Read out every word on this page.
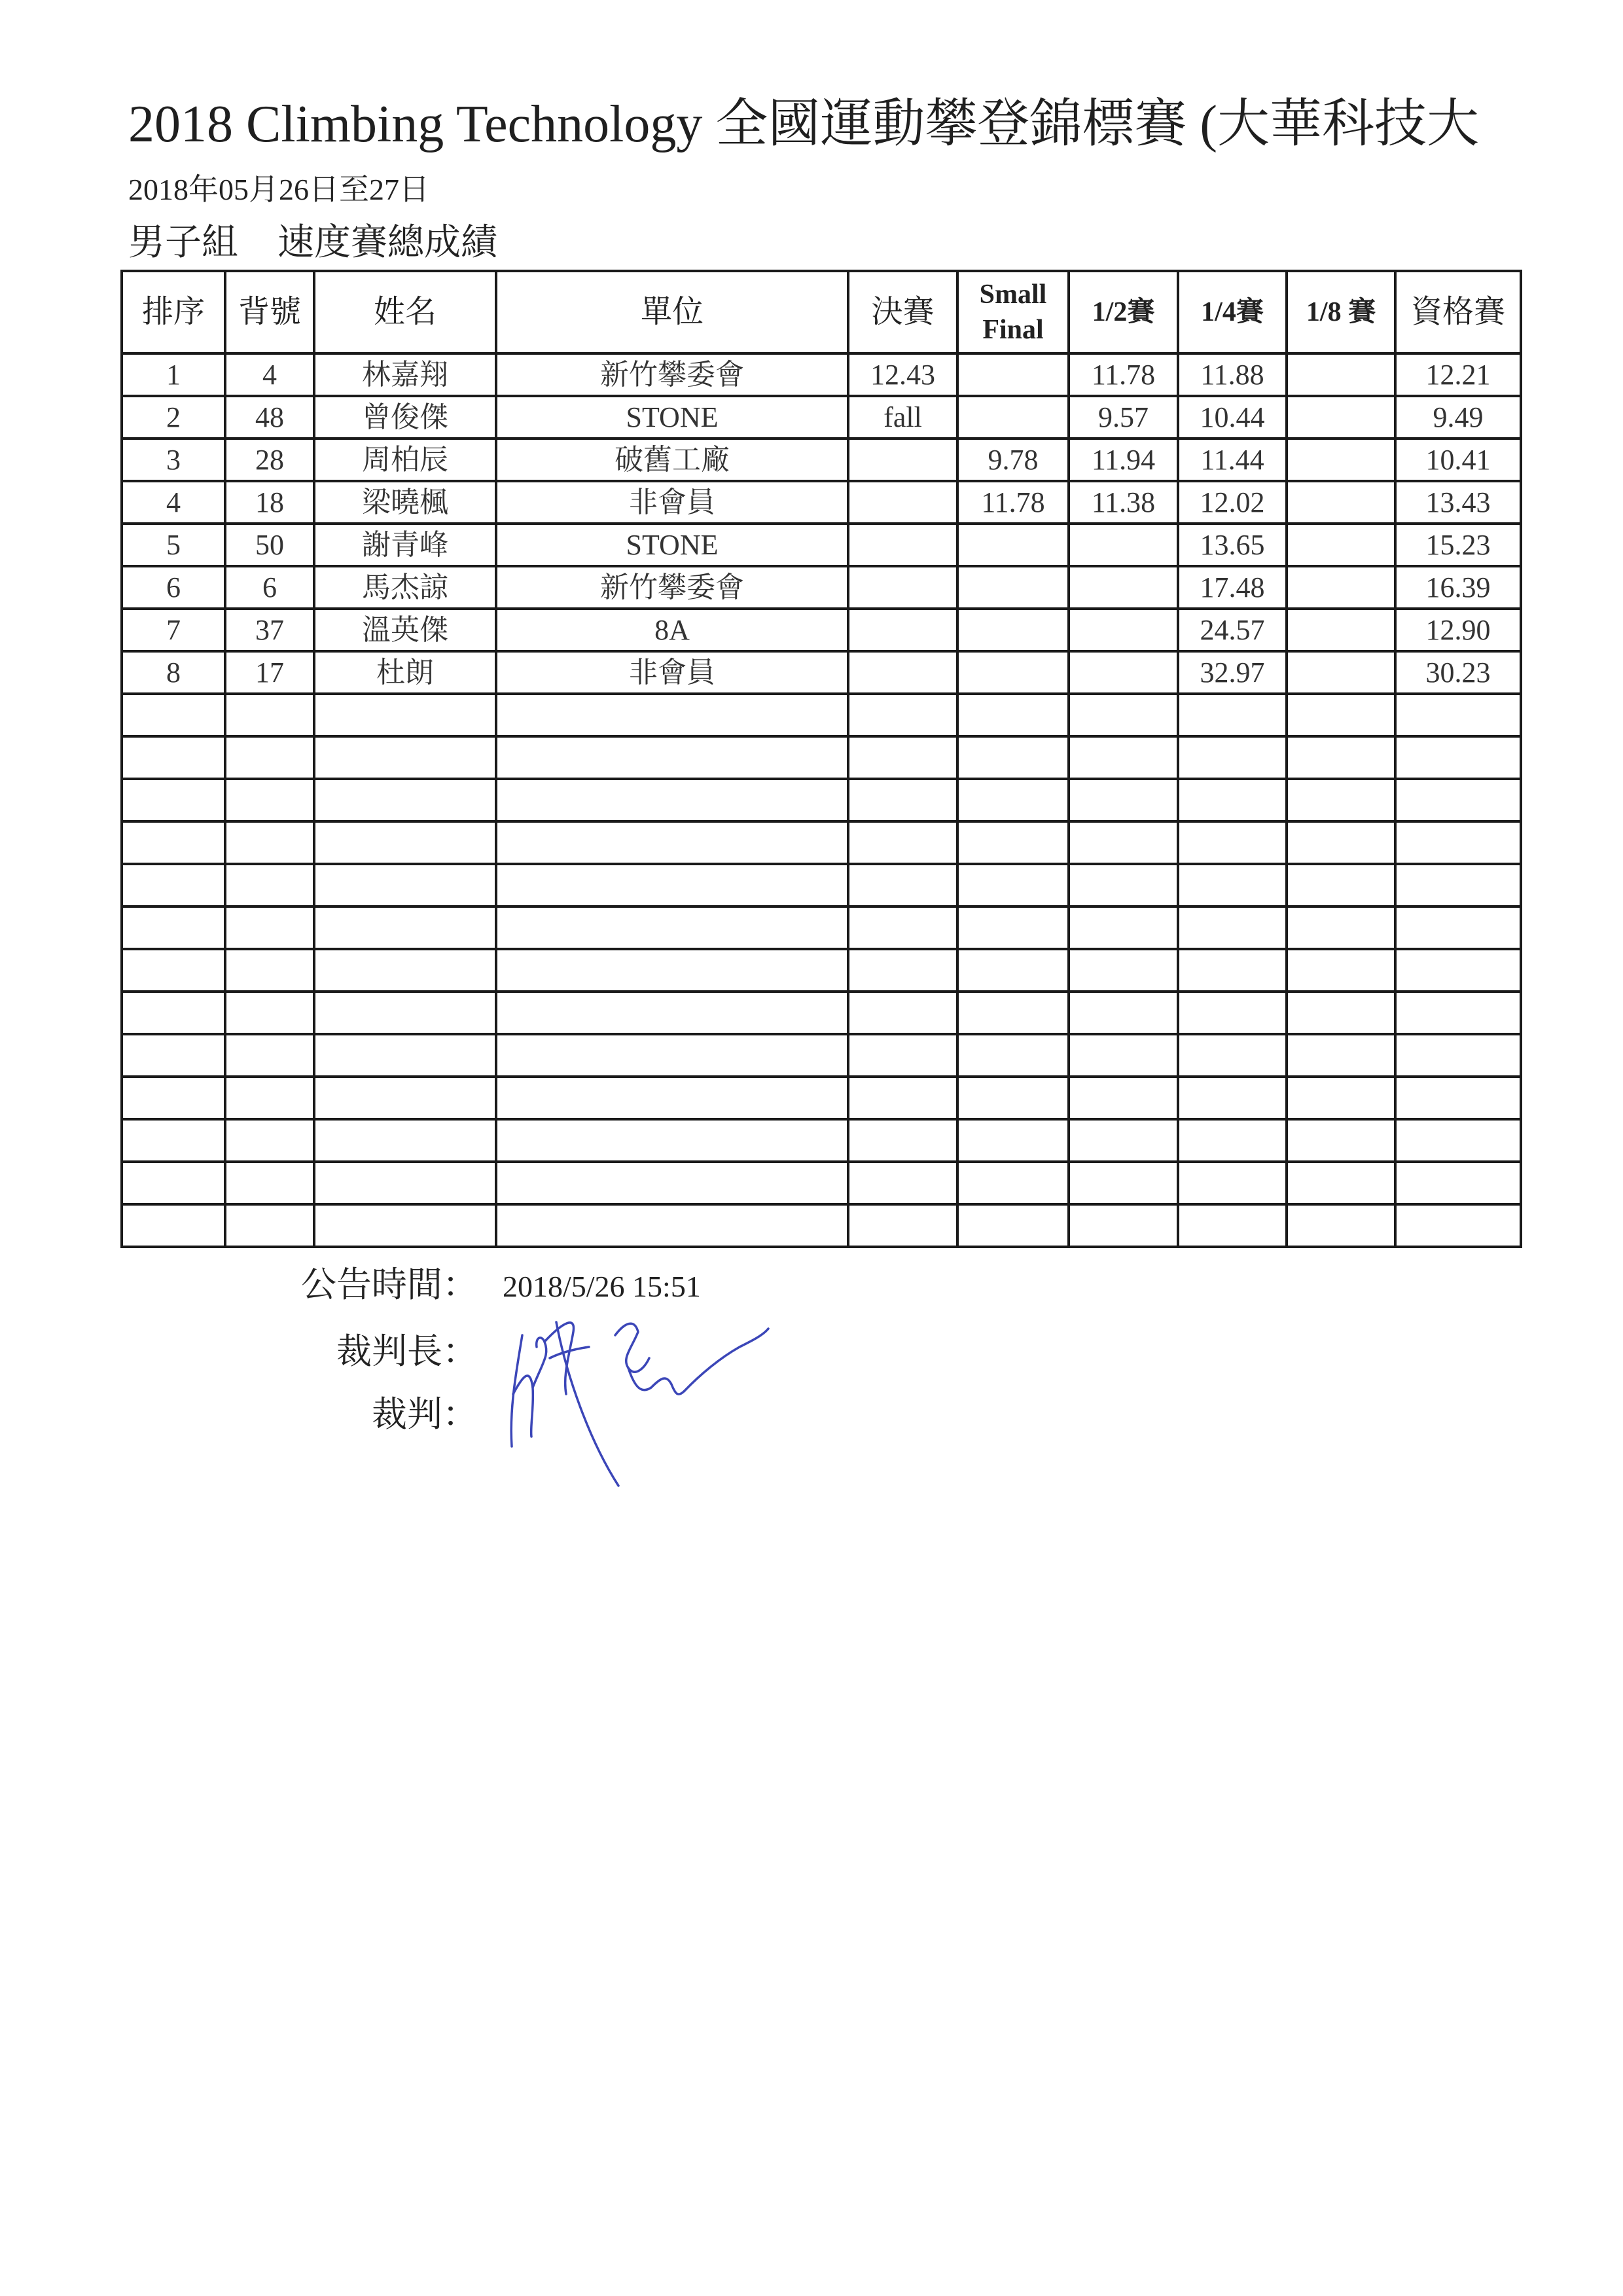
2018 Climbing Technology 全國運動攀登錦標賽 (大華科技大
2018年05月26日至27日
男子組 速度賽總成績
排序	背號	姓名	單位	決賽	Small Final	1/2賽	1/4賽	1/8 賽	資格賽
1	4	林嘉翔	新竹攀委會	12.43		11.78	11.88		12.21
2	48	曾俊傑	STONE	fall		9.57	10.44		9.49
3	28	周柏辰	破舊工廠		9.78	11.94	11.44		10.41
4	18	梁曉楓	非會員		11.78	11.38	12.02		13.43
5	50	謝青峰	STONE				13.65		15.23
6	6	馬杰諒	新竹攀委會				17.48		16.39
7	37	溫英傑	8A				24.57		12.90
8	17	杜朗	非會員				32.97		30.23

公告時間： 2018/5/26 15:51
裁判長：
裁判：
